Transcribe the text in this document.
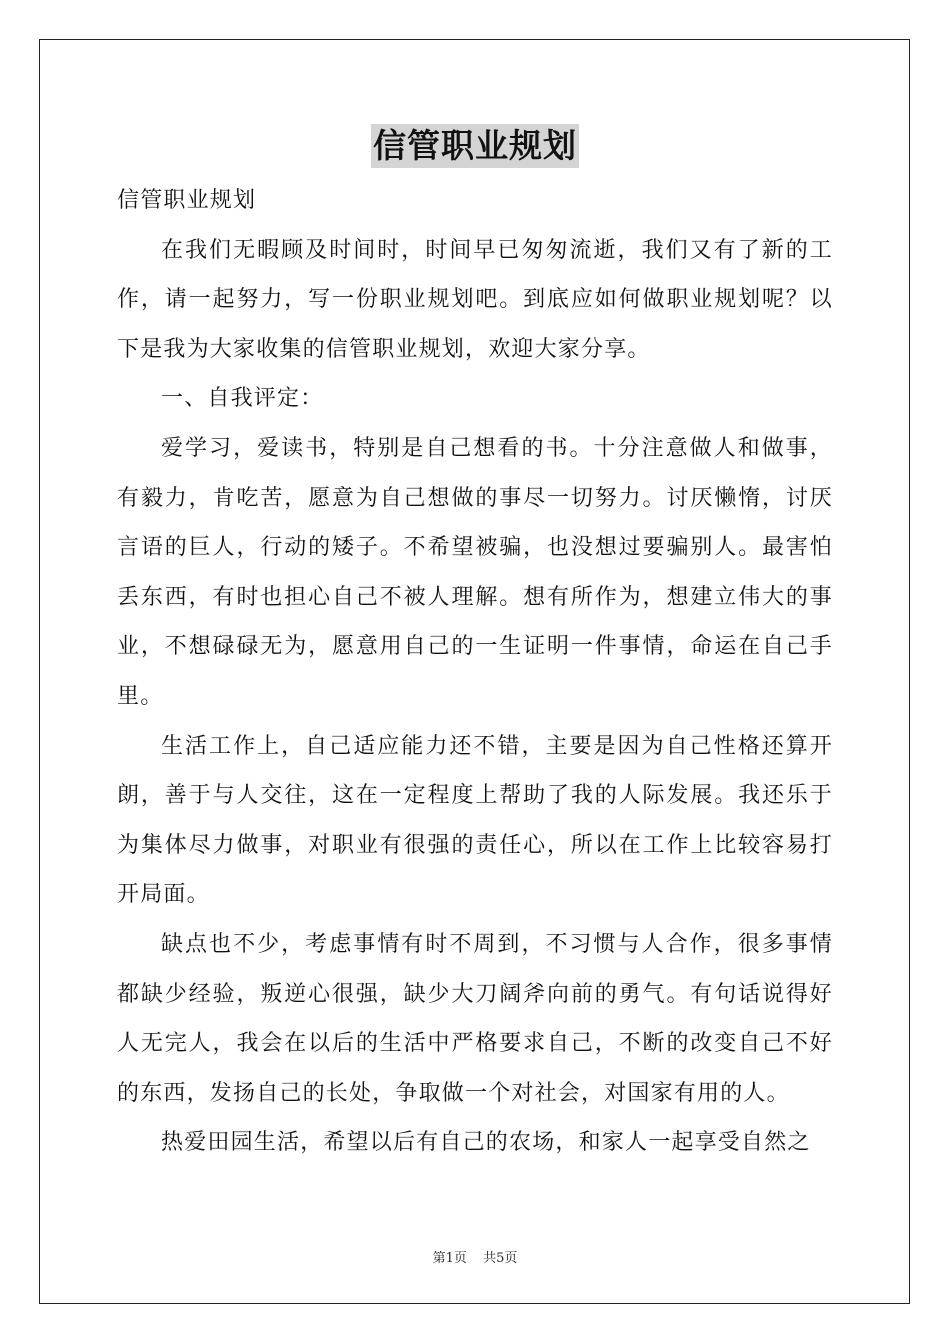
信管职业规划

信管职业规划

在我们无暇顾及时间时，时间早已匆匆流逝，我们又有了新的工作，请一起努力，写一份职业规划吧。到底应如何做职业规划呢？以下是我为大家收集的信管职业规划，欢迎大家分享。

一、自我评定：

爱学习，爱读书，特别是自己想看的书。十分注意做人和做事，有毅力，肯吃苦，愿意为自己想做的事尽一切努力。讨厌懒惰，讨厌言语的巨人，行动的矮子。不希望被骗，也没想过要骗别人。最害怕丢东西，有时也担心自己不被人理解。想有所作为，想建立伟大的事业，不想碌碌无为，愿意用自己的一生证明一件事情，命运在自己手里。

生活工作上，自己适应能力还不错，主要是因为自己性格还算开朗，善于与人交往，这在一定程度上帮助了我的人际发展。我还乐于为集体尽力做事，对职业有很强的责任心，所以在工作上比较容易打开局面。

缺点也不少，考虑事情有时不周到，不习惯与人合作，很多事情都缺少经验，叛逆心很强，缺少大刀阔斧向前的勇气。有句话说得好人无完人，我会在以后的生活中严格要求自己，不断的改变自己不好的东西，发扬自己的长处，争取做一个对社会，对国家有用的人。

热爱田园生活，希望以后有自己的农场，和家人一起享受自然之

第1页 共5页
